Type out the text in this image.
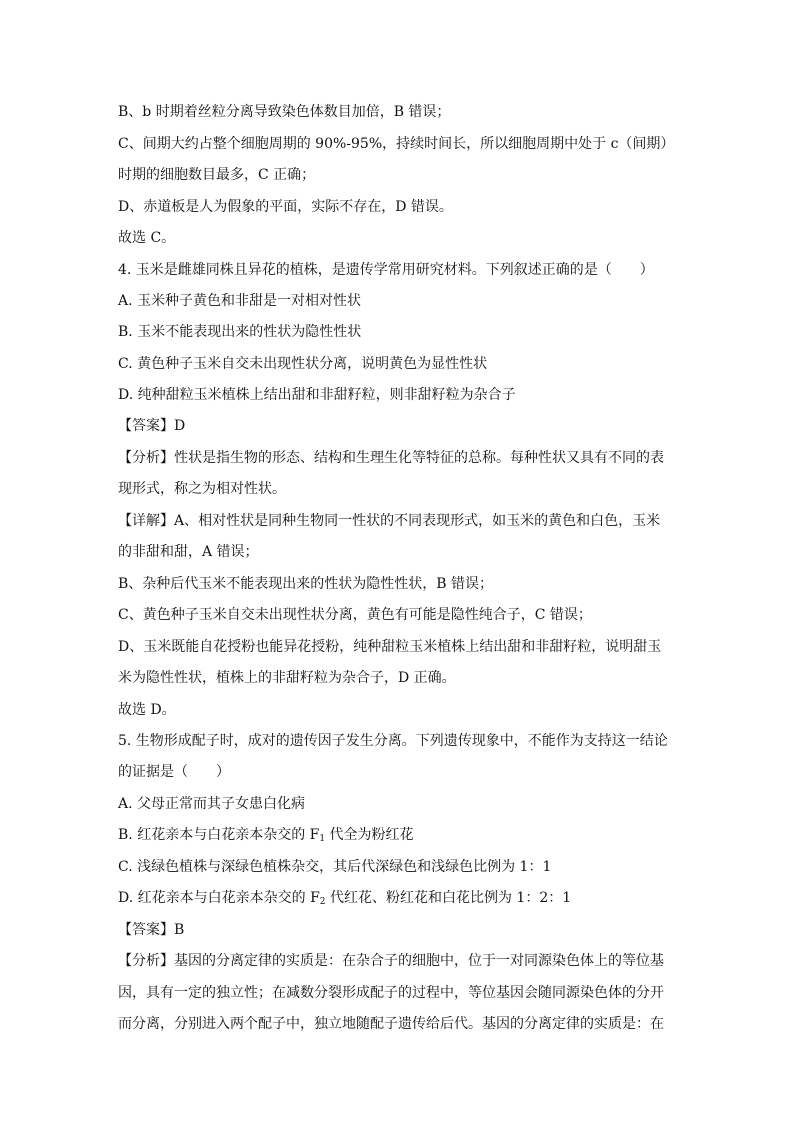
B、b 时期着丝粒分离导致染色体数目加倍，B 错误；
C、间期大约占整个细胞周期的 90%-95%，持续时间长，所以细胞周期中处于 c（间期）
时期的细胞数目最多，C 正确；
D、赤道板是人为假象的平面，实际不存在，D 错误。
故选 C。
4. 玉米是雌雄同株且异花的植株，是遗传学常用研究材料。下列叙述正确的是（　　）
A. 玉米种子黄色和非甜是一对相对性状
B. 玉米不能表现出来的性状为隐性性状
C. 黄色种子玉米自交未出现性状分离，说明黄色为显性性状
D. 纯种甜粒玉米植株上结出甜和非甜籽粒，则非甜籽粒为杂合子
【答案】D
【分析】性状是指生物的形态、结构和生理生化等特征的总称。每种性状又具有不同的表
现形式，称之为相对性状。
【详解】A、相对性状是同种生物同一性状的不同表现形式，如玉米的黄色和白色，玉米
的非甜和甜，A 错误；
B、杂种后代玉米不能表现出来的性状为隐性性状，B 错误；
C、黄色种子玉米自交未出现性状分离，黄色有可能是隐性纯合子，C 错误；
D、玉米既能自花授粉也能异花授粉，纯种甜粒玉米植株上结出甜和非甜籽粒，说明甜玉
米为隐性性状，植株上的非甜籽粒为杂合子，D 正确。
故选 D。
5. 生物形成配子时，成对的遗传因子发生分离。下列遗传现象中，不能作为支持这一结论
的证据是（　　）
A. 父母正常而其子女患白化病
B. 红花亲本与白花亲本杂交的 $F_1$ 代全为粉红花
C. 浅绿色植株与深绿色植株杂交，其后代深绿色和浅绿色比例为 1：1
D. 红花亲本与白花亲本杂交的 $F_2$ 代红花、粉红花和白花比例为 1：2：1
【答案】B
【分析】基因的分离定律的实质是：在杂合子的细胞中，位于一对同源染色体上的等位基
因，具有一定的独立性；在减数分裂形成配子的过程中，等位基因会随同源染色体的分开
而分离，分别进入两个配子中，独立地随配子遗传给后代。基因的分离定律的实质是：在
